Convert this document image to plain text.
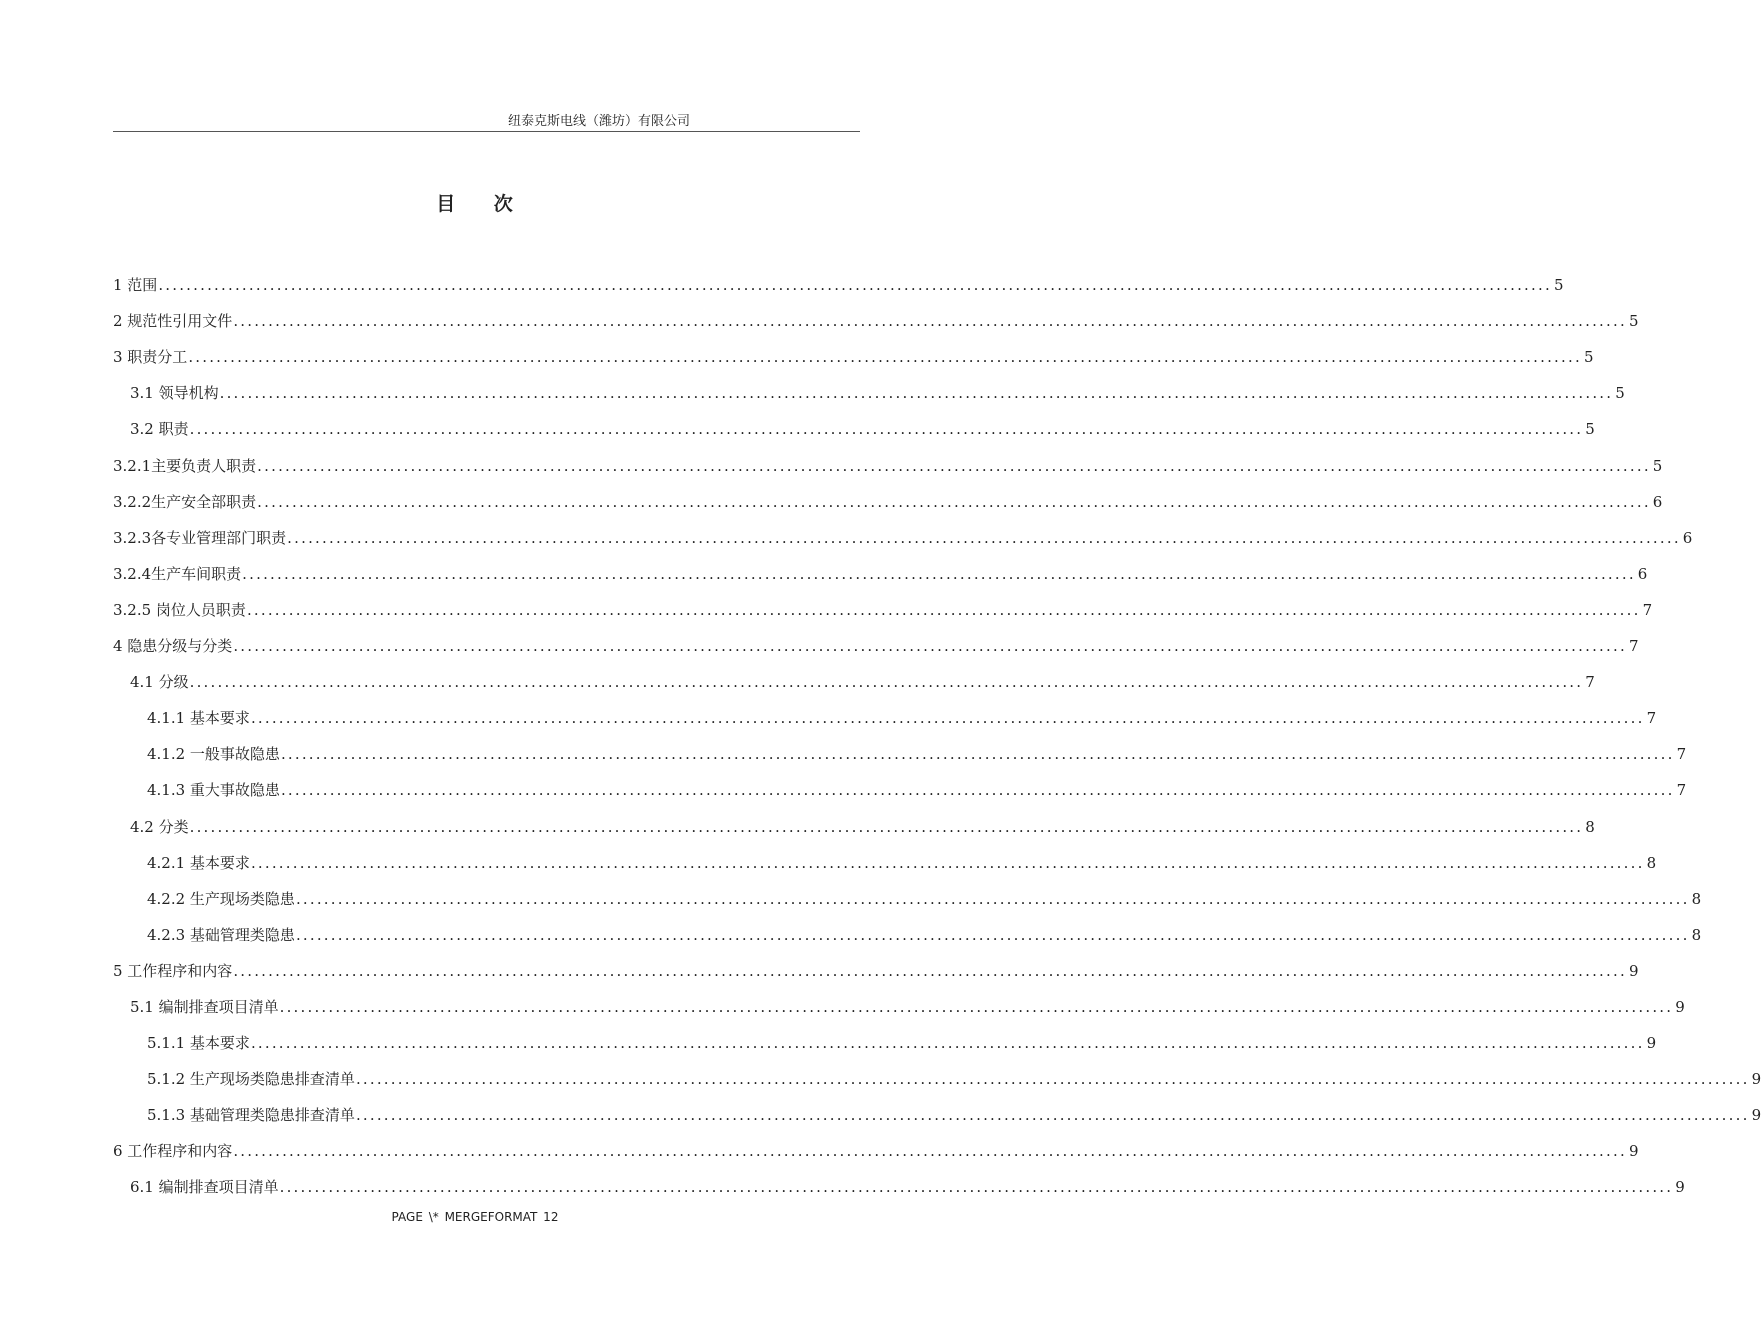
纽泰克斯电线（潍坊）有限公司
目 次
1 范围 ........................................................................................................................................................................................................ 5
2 规范性引用文件 ........................................................................................................................................................................................................ 5
3 职责分工 ........................................................................................................................................................................................................ 5
3.1 领导机构 ........................................................................................................................................................................................................ 5
3.2 职责 ........................................................................................................................................................................................................ 5
3.2.1主要负责人职责 ........................................................................................................................................................................................................ 5
3.2.2生产安全部职责 ........................................................................................................................................................................................................ 6
3.2.3各专业管理部门职责 ........................................................................................................................................................................................................ 6
3.2.4生产车间职责 ........................................................................................................................................................................................................ 6
3.2.5 岗位人员职责 ........................................................................................................................................................................................................ 7
4 隐患分级与分类 ........................................................................................................................................................................................................ 7
4.1 分级 ........................................................................................................................................................................................................ 7
4.1.1 基本要求 ........................................................................................................................................................................................................ 7
4.1.2 一般事故隐患 ........................................................................................................................................................................................................ 7
4.1.3 重大事故隐患 ........................................................................................................................................................................................................ 7
4.2 分类 ........................................................................................................................................................................................................ 8
4.2.1 基本要求 ........................................................................................................................................................................................................ 8
4.2.2 生产现场类隐患 ........................................................................................................................................................................................................ 8
4.2.3 基础管理类隐患 ........................................................................................................................................................................................................ 8
5 工作程序和内容 ........................................................................................................................................................................................................ 9
5.1 编制排查项目清单 ........................................................................................................................................................................................................ 9
5.1.1 基本要求 ........................................................................................................................................................................................................ 9
5.1.2 生产现场类隐患排查清单 ........................................................................................................................................................................................................ 9
5.1.3 基础管理类隐患排查清单 ........................................................................................................................................................................................................ 9
6 工作程序和内容 ........................................................................................................................................................................................................ 9
6.1 编制排查项目清单 ........................................................................................................................................................................................................ 9
PAGE \* MERGEFORMAT 12
